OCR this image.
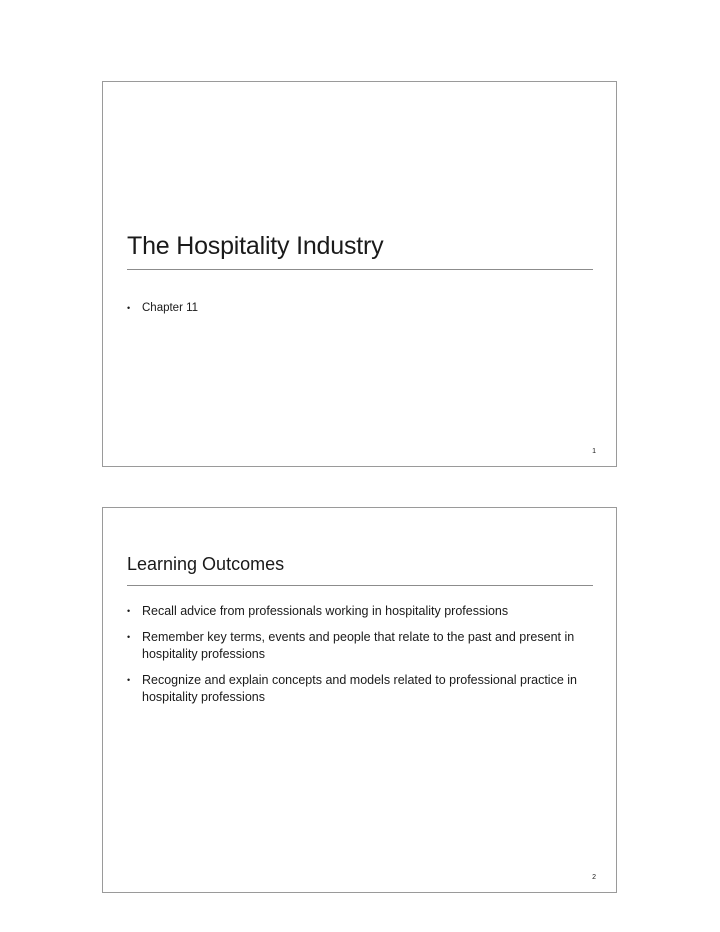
The Hospitality Industry
• Chapter 11
1
Learning Outcomes
• Recall advice from professionals working in hospitality professions
• Remember key terms, events and people that relate to the past and present in hospitality professions
• Recognize and explain concepts and models related to professional practice in hospitality professions
2
